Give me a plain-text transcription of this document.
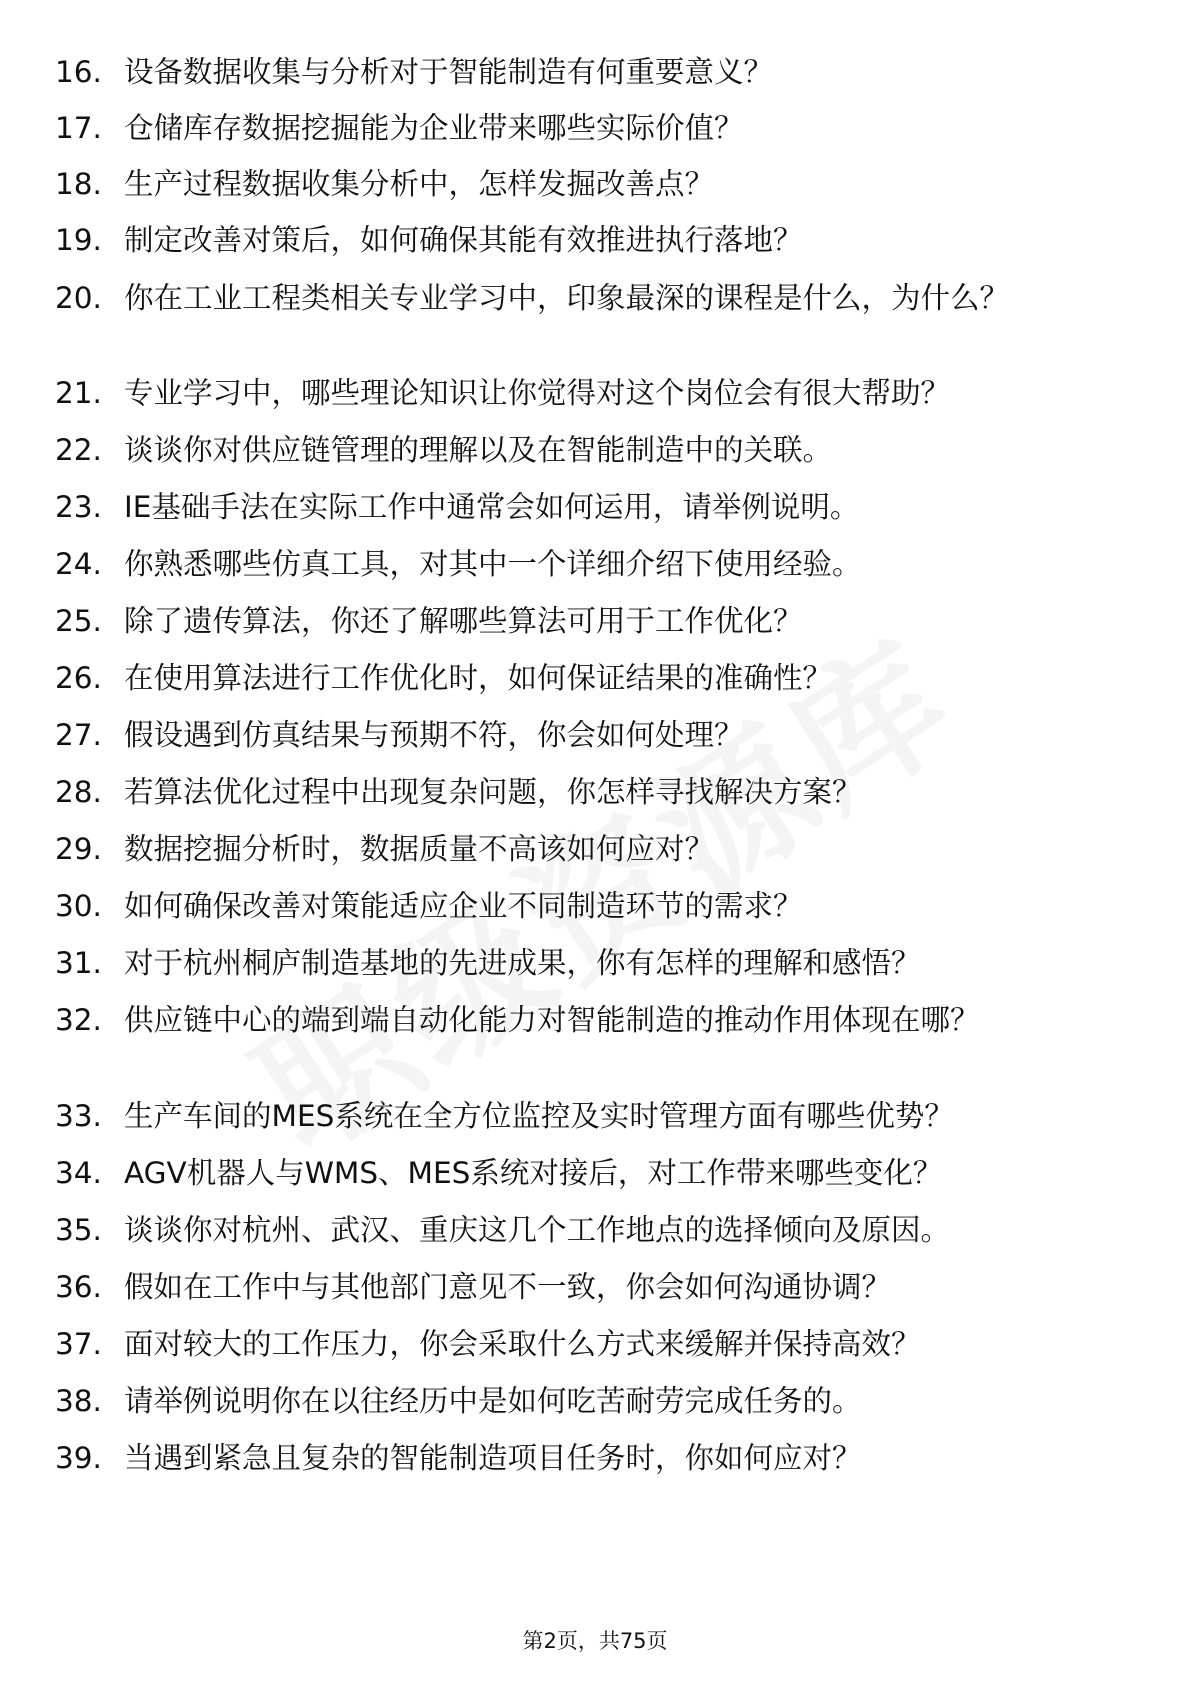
16. 设备数据收集与分析对于智能制造有何重要意义？
17. 仓储库存数据挖掘能为企业带来哪些实际价值？
18. 生产过程数据收集分析中，怎样发掘改善点？
19. 制定改善对策后，如何确保其能有效推进执行落地？
20. 你在工业工程类相关专业学习中，印象最深的课程是什么，为什么？
21. 专业学习中，哪些理论知识让你觉得对这个岗位会有很大帮助？
22. 谈谈你对供应链管理的理解以及在智能制造中的关联。
23. IE基础手法在实际工作中通常会如何运用，请举例说明。
24. 你熟悉哪些仿真工具，对其中一个详细介绍下使用经验。
25. 除了遗传算法，你还了解哪些算法可用于工作优化？
26. 在使用算法进行工作优化时，如何保证结果的准确性？
27. 假设遇到仿真结果与预期不符，你会如何处理？
28. 若算法优化过程中出现复杂问题，你怎样寻找解决方案？
29. 数据挖掘分析时，数据质量不高该如何应对？
30. 如何确保改善对策能适应企业不同制造环节的需求？
31. 对于杭州桐庐制造基地的先进成果，你有怎样的理解和感悟？
32. 供应链中心的端到端自动化能力对智能制造的推动作用体现在哪？
33. 生产车间的MES系统在全方位监控及实时管理方面有哪些优势？
34. AGV机器人与WMS、MES系统对接后，对工作带来哪些变化？
35. 谈谈你对杭州、武汉、重庆这几个工作地点的选择倾向及原因。
36. 假如在工作中与其他部门意见不一致，你会如何沟通协调？
37. 面对较大的工作压力，你会采取什么方式来缓解并保持高效？
38. 请举例说明你在以往经历中是如何吃苦耐劳完成任务的。
39. 当遇到紧急且复杂的智能制造项目任务时，你如何应对？
第2页，共75页
